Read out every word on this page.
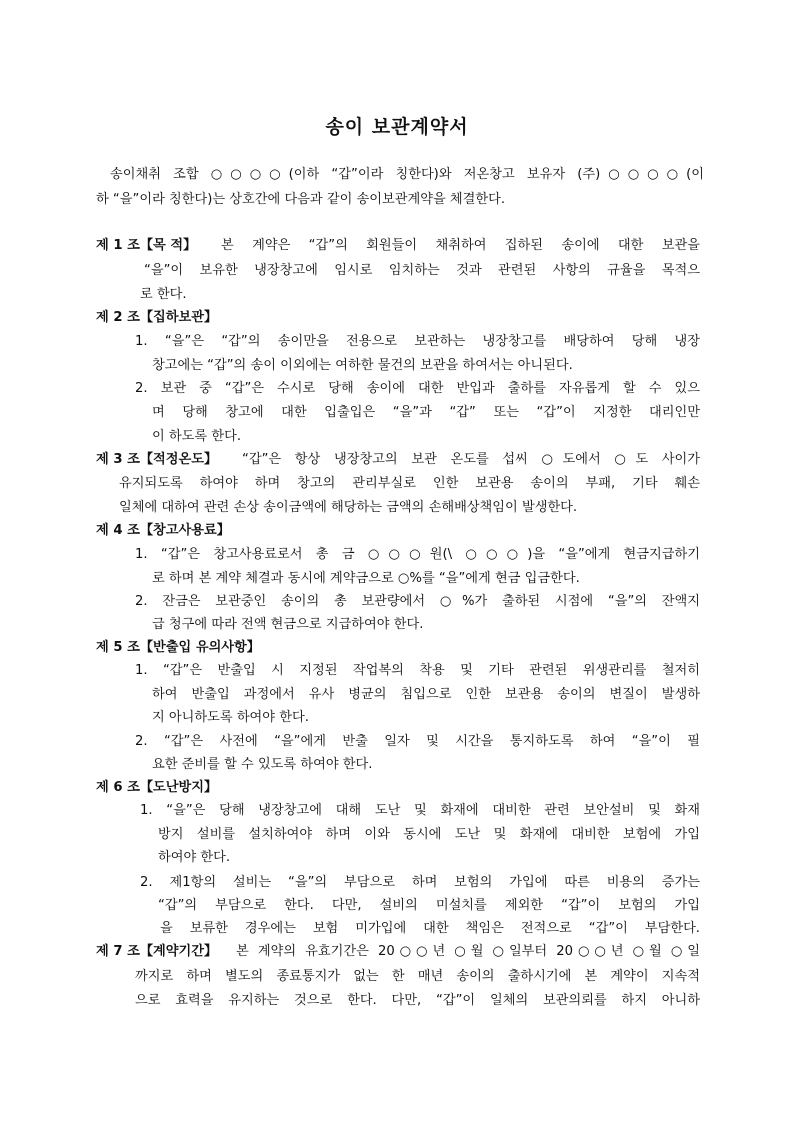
송이 보관계약서
송이채취 조합 ○○○○(이하 “갑”이라 칭한다)와 저온창고 보유자 (주)○○○○(이
하 “을”이라 칭한다)는 상호간에 다음과 같이 송이보관계약을 체결한다.
제 1 조【목 적】 본 계약은 “갑”의 회원들이 채취하여 집하된 송이에 대한 보관을
“을”이 보유한 냉장창고에 임시로 임치하는 것과 관련된 사항의 규율을 목적으
로 한다.
제 2 조【집하보관】
1. “을”은 “갑”의 송이만을 전용으로 보관하는 냉장창고를 배당하여 당해 냉장
창고에는 “갑”의 송이 이외에는 여하한 물건의 보관을 하여서는 아니된다.
2. 보관 중 “갑”은 수시로 당해 송이에 대한 반입과 출하를 자유롭게 할 수 있으
며 당해 창고에 대한 입출입은 “을”과 “갑” 또는 “갑”이 지정한 대리인만
이 하도록 한다.
제 3 조【적정온도】 “갑”은 항상 냉장창고의 보관 온도를 섭씨 ○도에서 ○도 사이가
유지되도록 하여야 하며 창고의 관리부실로 인한 보관용 송이의 부패, 기타 훼손
일체에 대하여 관련 손상 송이금액에 해당하는 금액의 손해배상책임이 발생한다.
제 4 조【창고사용료】
1. “갑”은 창고사용료로서 총 금 ○○○원(\ ○○○)을 “을”에게 현금지급하기
로 하며 본 계약 체결과 동시에 계약금으로 ○%를 “을”에게 현금 입금한다.
2. 잔금은 보관중인 송이의 총 보관량에서 ○%가 출하된 시점에 “을”의 잔액지
급 청구에 따라 전액 현금으로 지급하여야 한다.
제 5 조【반출입 유의사항】
1. “갑”은 반출입 시 지정된 작업복의 착용 및 기타 관련된 위생관리를 철저히
하여 반출입 과정에서 유사 병균의 침입으로 인한 보관용 송이의 변질이 발생하
지 아니하도록 하여야 한다.
2. “갑”은 사전에 “을”에게 반출 일자 및 시간을 통지하도록 하여 “을”이 필
요한 준비를 할 수 있도록 하여야 한다.
제 6 조【도난방지】
1. “을”은 당해 냉장창고에 대해 도난 및 화재에 대비한 관련 보안설비 및 화재
방지 설비를 설치하여야 하며 이와 동시에 도난 및 화재에 대비한 보험에 가입
하여야 한다.
2. 제1항의 설비는 “을”의 부담으로 하며 보험의 가입에 따른 비용의 증가는
“갑”의 부담으로 한다. 다만, 설비의 미설치를 제외한 “갑”이 보험의 가입
을 보류한 경우에는 보험 미가입에 대한 책임은 전적으로 “갑”이 부담한다.
제 7 조【계약기간】 본 계약의 유효기간은 20○○년 ○월 ○일부터 20○○년 ○월 ○일
까지로 하며 별도의 종료통지가 없는 한 매년 송이의 출하시기에 본 계약이 지속적
으로 효력을 유지하는 것으로 한다. 다만, “갑”이 일체의 보관의뢰를 하지 아니하
